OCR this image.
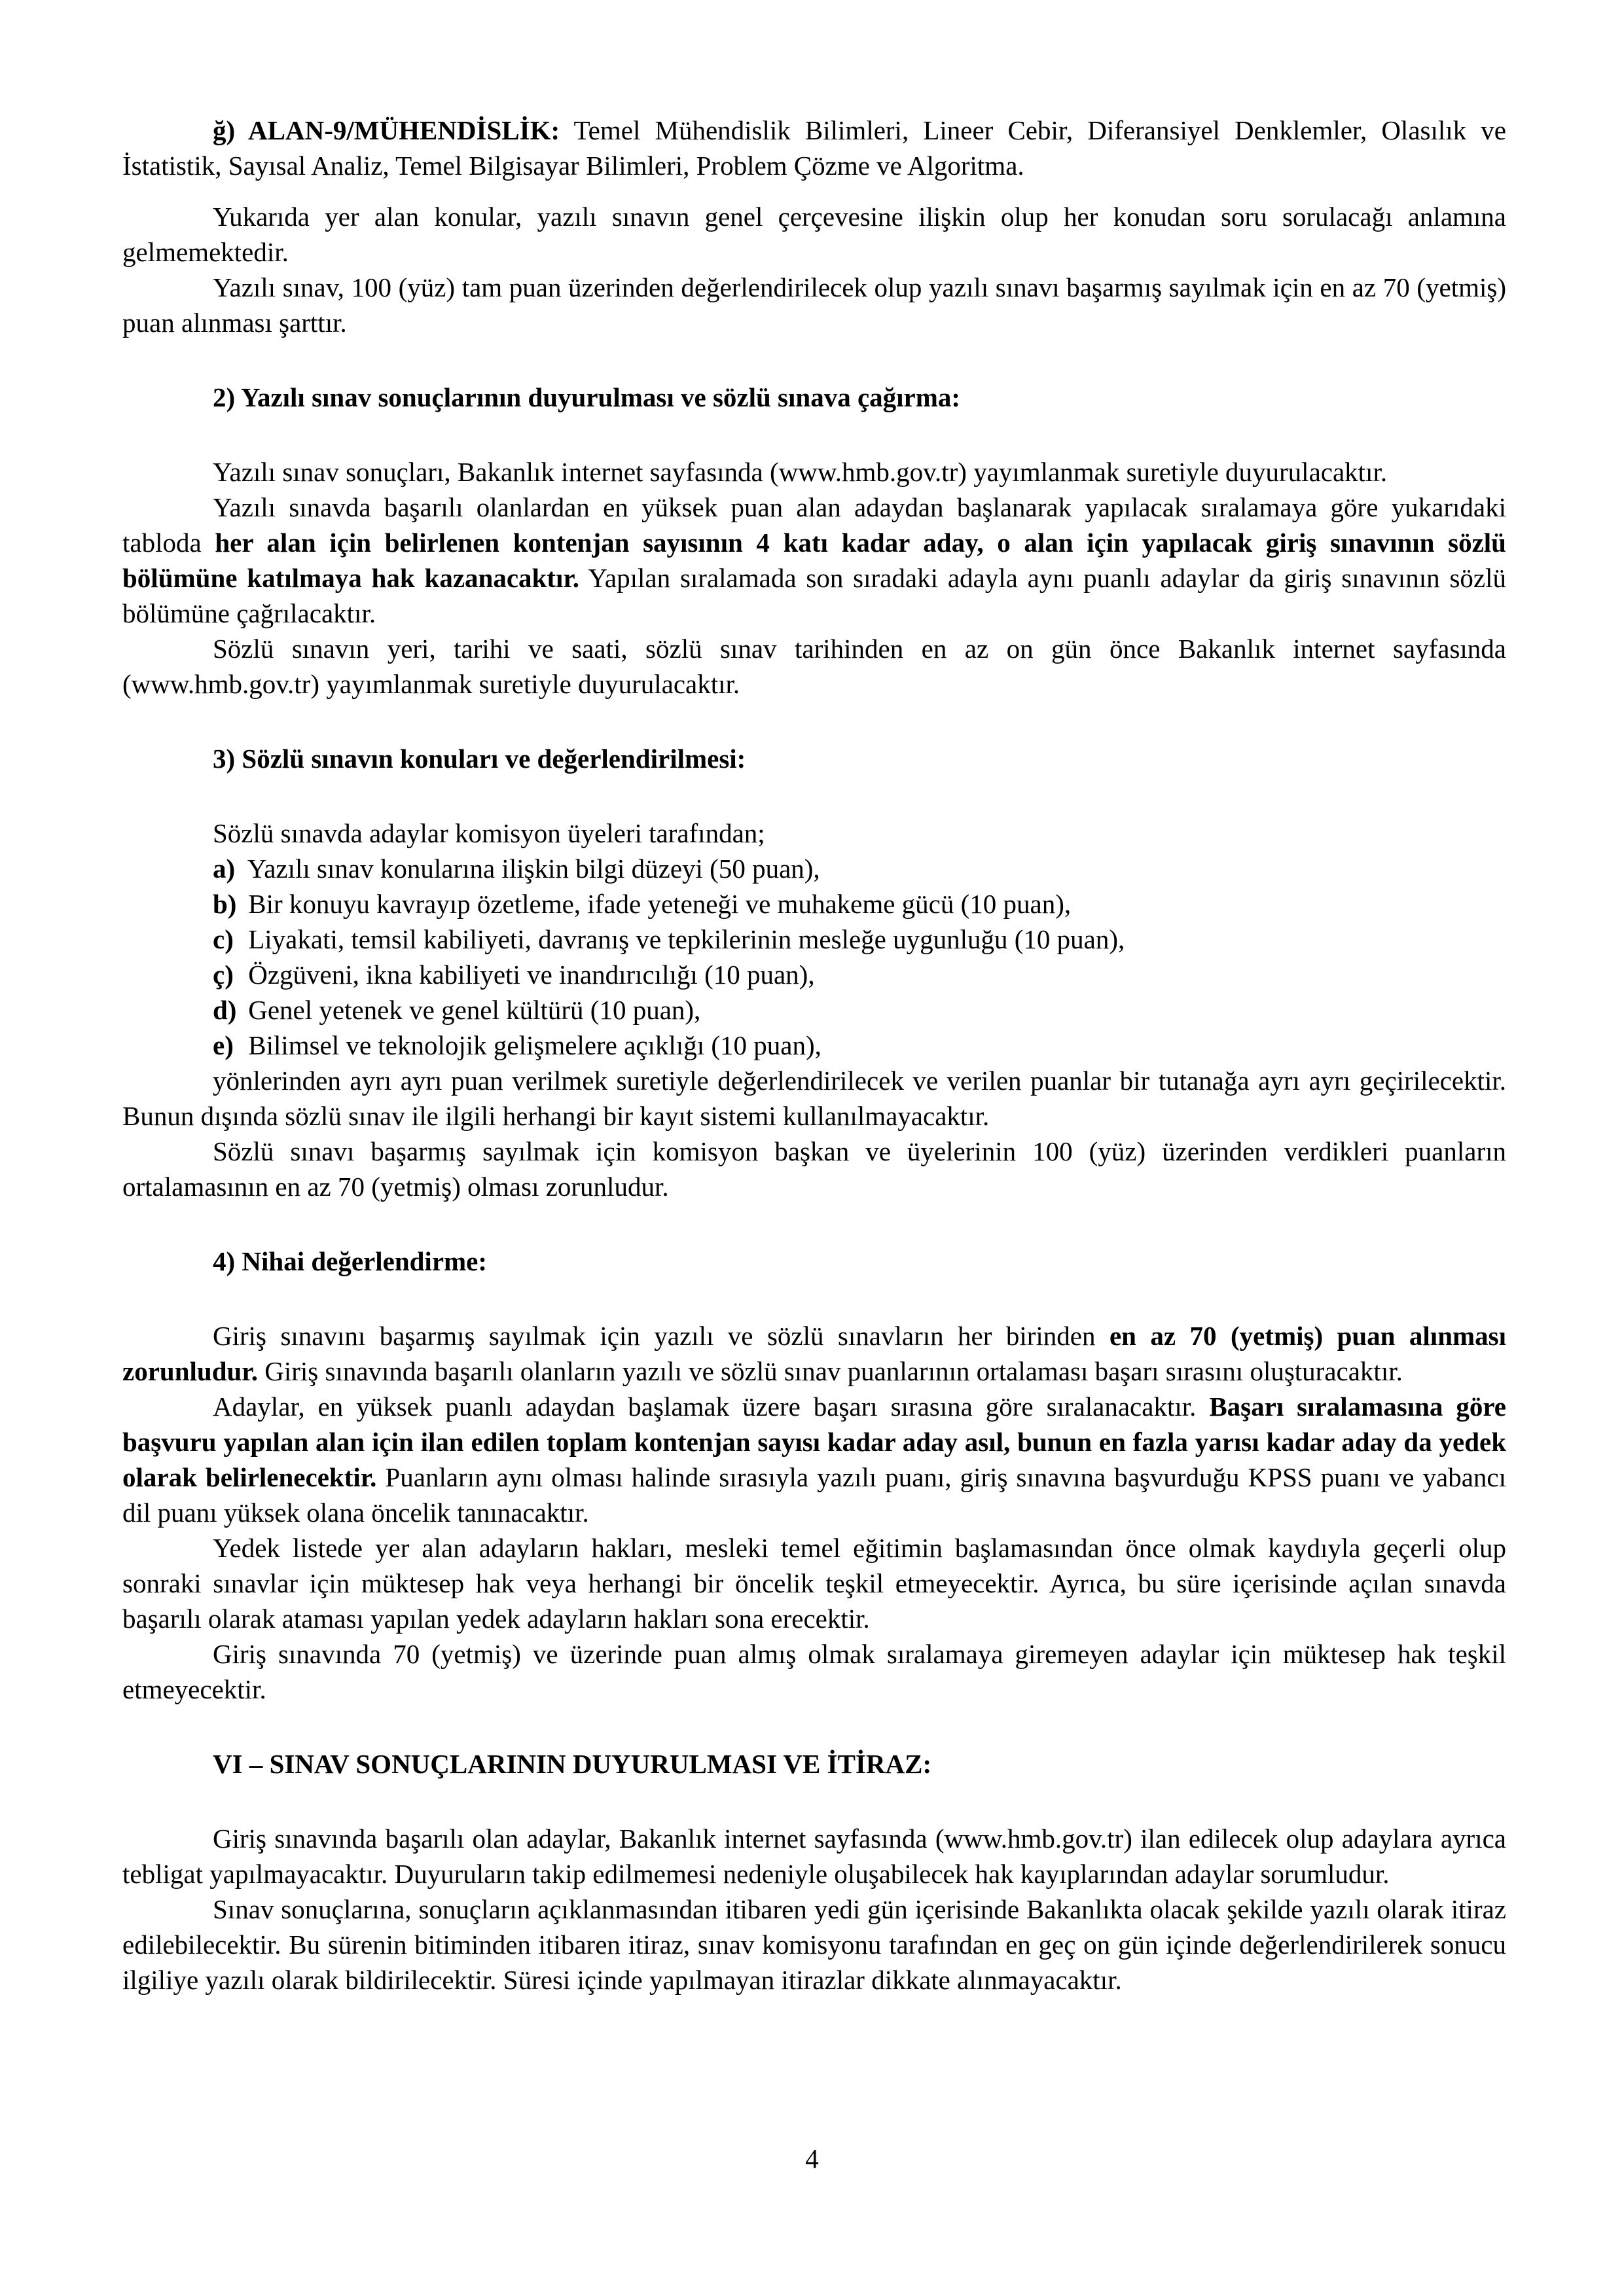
ğ) ALAN-9/MÜHENDİSLİK: Temel Mühendislik Bilimleri, Lineer Cebir, Diferansiyel Denklemler, Olasılık ve İstatistik, Sayısal Analiz, Temel Bilgisayar Bilimleri, Problem Çözme ve Algoritma.

Yukarıda yer alan konular, yazılı sınavın genel çerçevesine ilişkin olup her konudan soru sorulacağı anlamına gelmemektedir.

Yazılı sınav, 100 (yüz) tam puan üzerinden değerlendirilecek olup yazılı sınavı başarmış sayılmak için en az 70 (yetmiş) puan alınması şarttır.

2) Yazılı sınav sonuçlarının duyurulması ve sözlü sınava çağırma:

Yazılı sınav sonuçları, Bakanlık internet sayfasında (www.hmb.gov.tr) yayımlanmak suretiyle duyurulacaktır.

Yazılı sınavda başarılı olanlardan en yüksek puan alan adaydan başlanarak yapılacak sıralamaya göre yukarıdaki tabloda her alan için belirlenen kontenjan sayısının 4 katı kadar aday, o alan için yapılacak giriş sınavının sözlü bölümüne katılmaya hak kazanacaktır. Yapılan sıralamada son sıradaki adayla aynı puanlı adaylar da giriş sınavının sözlü bölümüne çağrılacaktır.

Sözlü sınavın yeri, tarihi ve saati, sözlü sınav tarihinden en az on gün önce Bakanlık internet sayfasında (www.hmb.gov.tr) yayımlanmak suretiyle duyurulacaktır.

3) Sözlü sınavın konuları ve değerlendirilmesi:

Sözlü sınavda adaylar komisyon üyeleri tarafından;

a) Yazılı sınav konularına ilişkin bilgi düzeyi (50 puan),
b) Bir konuyu kavrayıp özetleme, ifade yeteneği ve muhakeme gücü (10 puan),
c) Liyakati, temsil kabiliyeti, davranış ve tepkilerinin mesleğe uygunluğu (10 puan),
ç) Özgüveni, ikna kabiliyeti ve inandırıcılığı (10 puan),
d) Genel yetenek ve genel kültürü (10 puan),
e) Bilimsel ve teknolojik gelişmelere açıklığı (10 puan),

yönlerinden ayrı ayrı puan verilmek suretiyle değerlendirilecek ve verilen puanlar bir tutanağa ayrı ayrı geçirilecektir. Bunun dışında sözlü sınav ile ilgili herhangi bir kayıt sistemi kullanılmayacaktır.

Sözlü sınavı başarmış sayılmak için komisyon başkan ve üyelerinin 100 (yüz) üzerinden verdikleri puanların ortalamasının en az 70 (yetmiş) olması zorunludur.

4) Nihai değerlendirme:

Giriş sınavını başarmış sayılmak için yazılı ve sözlü sınavların her birinden en az 70 (yetmiş) puan alınması zorunludur. Giriş sınavında başarılı olanların yazılı ve sözlü sınav puanlarının ortalaması başarı sırasını oluşturacaktır.

Adaylar, en yüksek puanlı adaydan başlamak üzere başarı sırasına göre sıralanacaktır. Başarı sıralamasına göre başvuru yapılan alan için ilan edilen toplam kontenjan sayısı kadar aday asıl, bunun en fazla yarısı kadar aday da yedek olarak belirlenecektir. Puanların aynı olması halinde sırasıyla yazılı puanı, giriş sınavına başvurduğu KPSS puanı ve yabancı dil puanı yüksek olana öncelik tanınacaktır.

Yedek listede yer alan adayların hakları, mesleki temel eğitimin başlamasından önce olmak kaydıyla geçerli olup sonraki sınavlar için müktesep hak veya herhangi bir öncelik teşkil etmeyecektir. Ayrıca, bu süre içerisinde açılan sınavda başarılı olarak ataması yapılan yedek adayların hakları sona erecektir.

Giriş sınavında 70 (yetmiş) ve üzerinde puan almış olmak sıralamaya giremeyen adaylar için müktesep hak teşkil etmeyecektir.

VI – SINAV SONUÇLARININ DUYURULMASI VE İTİRAZ:

Giriş sınavında başarılı olan adaylar, Bakanlık internet sayfasında (www.hmb.gov.tr) ilan edilecek olup adaylara ayrıca tebligat yapılmayacaktır. Duyuruların takip edilmemesi nedeniyle oluşabilecek hak kayıplarından adaylar sorumludur.

Sınav sonuçlarına, sonuçların açıklanmasından itibaren yedi gün içerisinde Bakanlıkta olacak şekilde yazılı olarak itiraz edilebilecektir. Bu sürenin bitiminden itibaren itiraz, sınav komisyonu tarafından en geç on gün içinde değerlendirilerek sonucu ilgiliye yazılı olarak bildirilecektir. Süresi içinde yapılmayan itirazlar dikkate alınmayacaktır.

4
